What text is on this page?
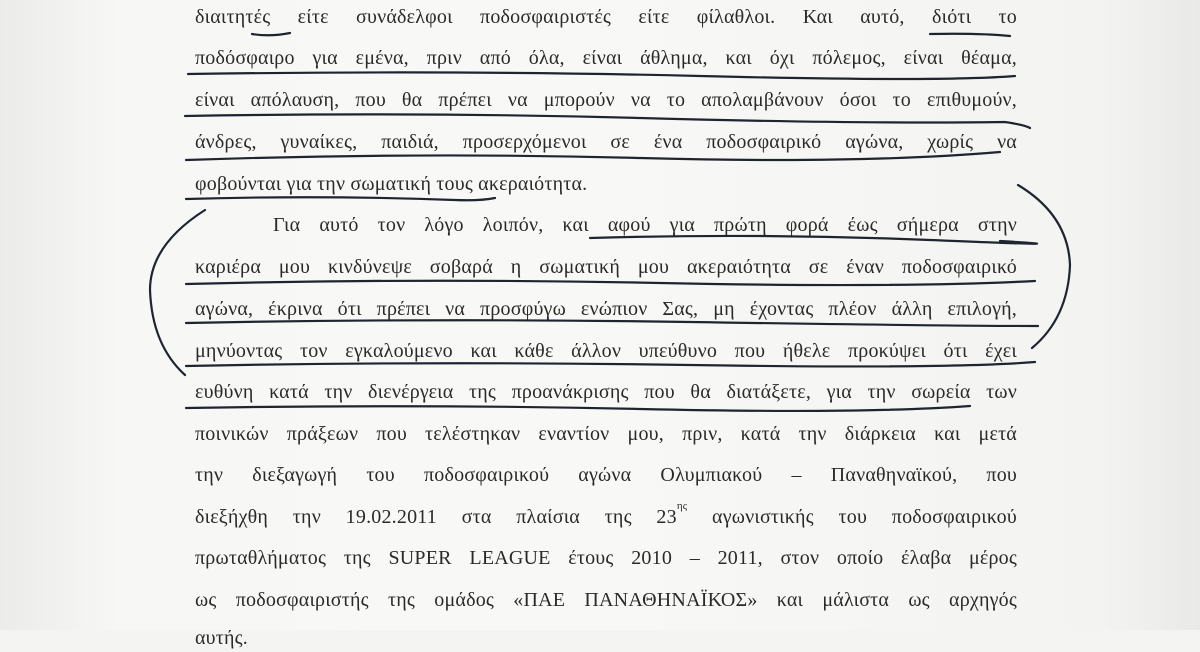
διαιτητές είτε συνάδελφοι ποδοσφαιριστές είτε φίλαθλοι. Και αυτό, διότι το
ποδόσφαιρο για εμένα, πριν από όλα, είναι άθλημα, και όχι πόλεμος, είναι θέαμα,
είναι απόλαυση, που θα πρέπει να μπορούν να το απολαμβάνουν όσοι το επιθυμούν,
άνδρες, γυναίκες, παιδιά, προσερχόμενοι σε ένα ποδοσφαιρικό αγώνα, χωρίς να
φοβούνται για την σωματική τους ακεραιότητα.
Για αυτό τον λόγο λοιπόν, και αφού για πρώτη φορά έως σήμερα στην
καριέρα μου κινδύνεψε σοβαρά η σωματική μου ακεραιότητα σε έναν ποδοσφαιρικό
αγώνα, έκρινα ότι πρέπει να προσφύγω ενώπιον Σας, μη έχοντας πλέον άλλη επιλογή,
μηνύοντας τον εγκαλούμενο και κάθε άλλον υπεύθυνο που ήθελε προκύψει ότι έχει
ευθύνη κατά την διενέργεια της προανάκρισης που θα διατάξετε, για την σωρεία των
ποινικών πράξεων που τελέστηκαν εναντίον μου, πριν, κατά την διάρκεια και μετά
την διεξαγωγή του ποδοσφαιρικού αγώνα Ολυμπιακού – Παναθηναϊκού, που
διεξήχθη την 19.02.2011 στα πλαίσια της $23^{\eta\varsigma}$ αγωνιστικής του ποδοσφαιρικού
πρωταθλήματος της SUPER LEAGUE έτους 2010 – 2011, στον οποίο έλαβα μέρος
ως ποδοσφαιριστής της ομάδος «ΠΑΕ ΠΑΝΑΘΗΝΑΪΚΟΣ» και μάλιστα ως αρχηγός
αυτής.
